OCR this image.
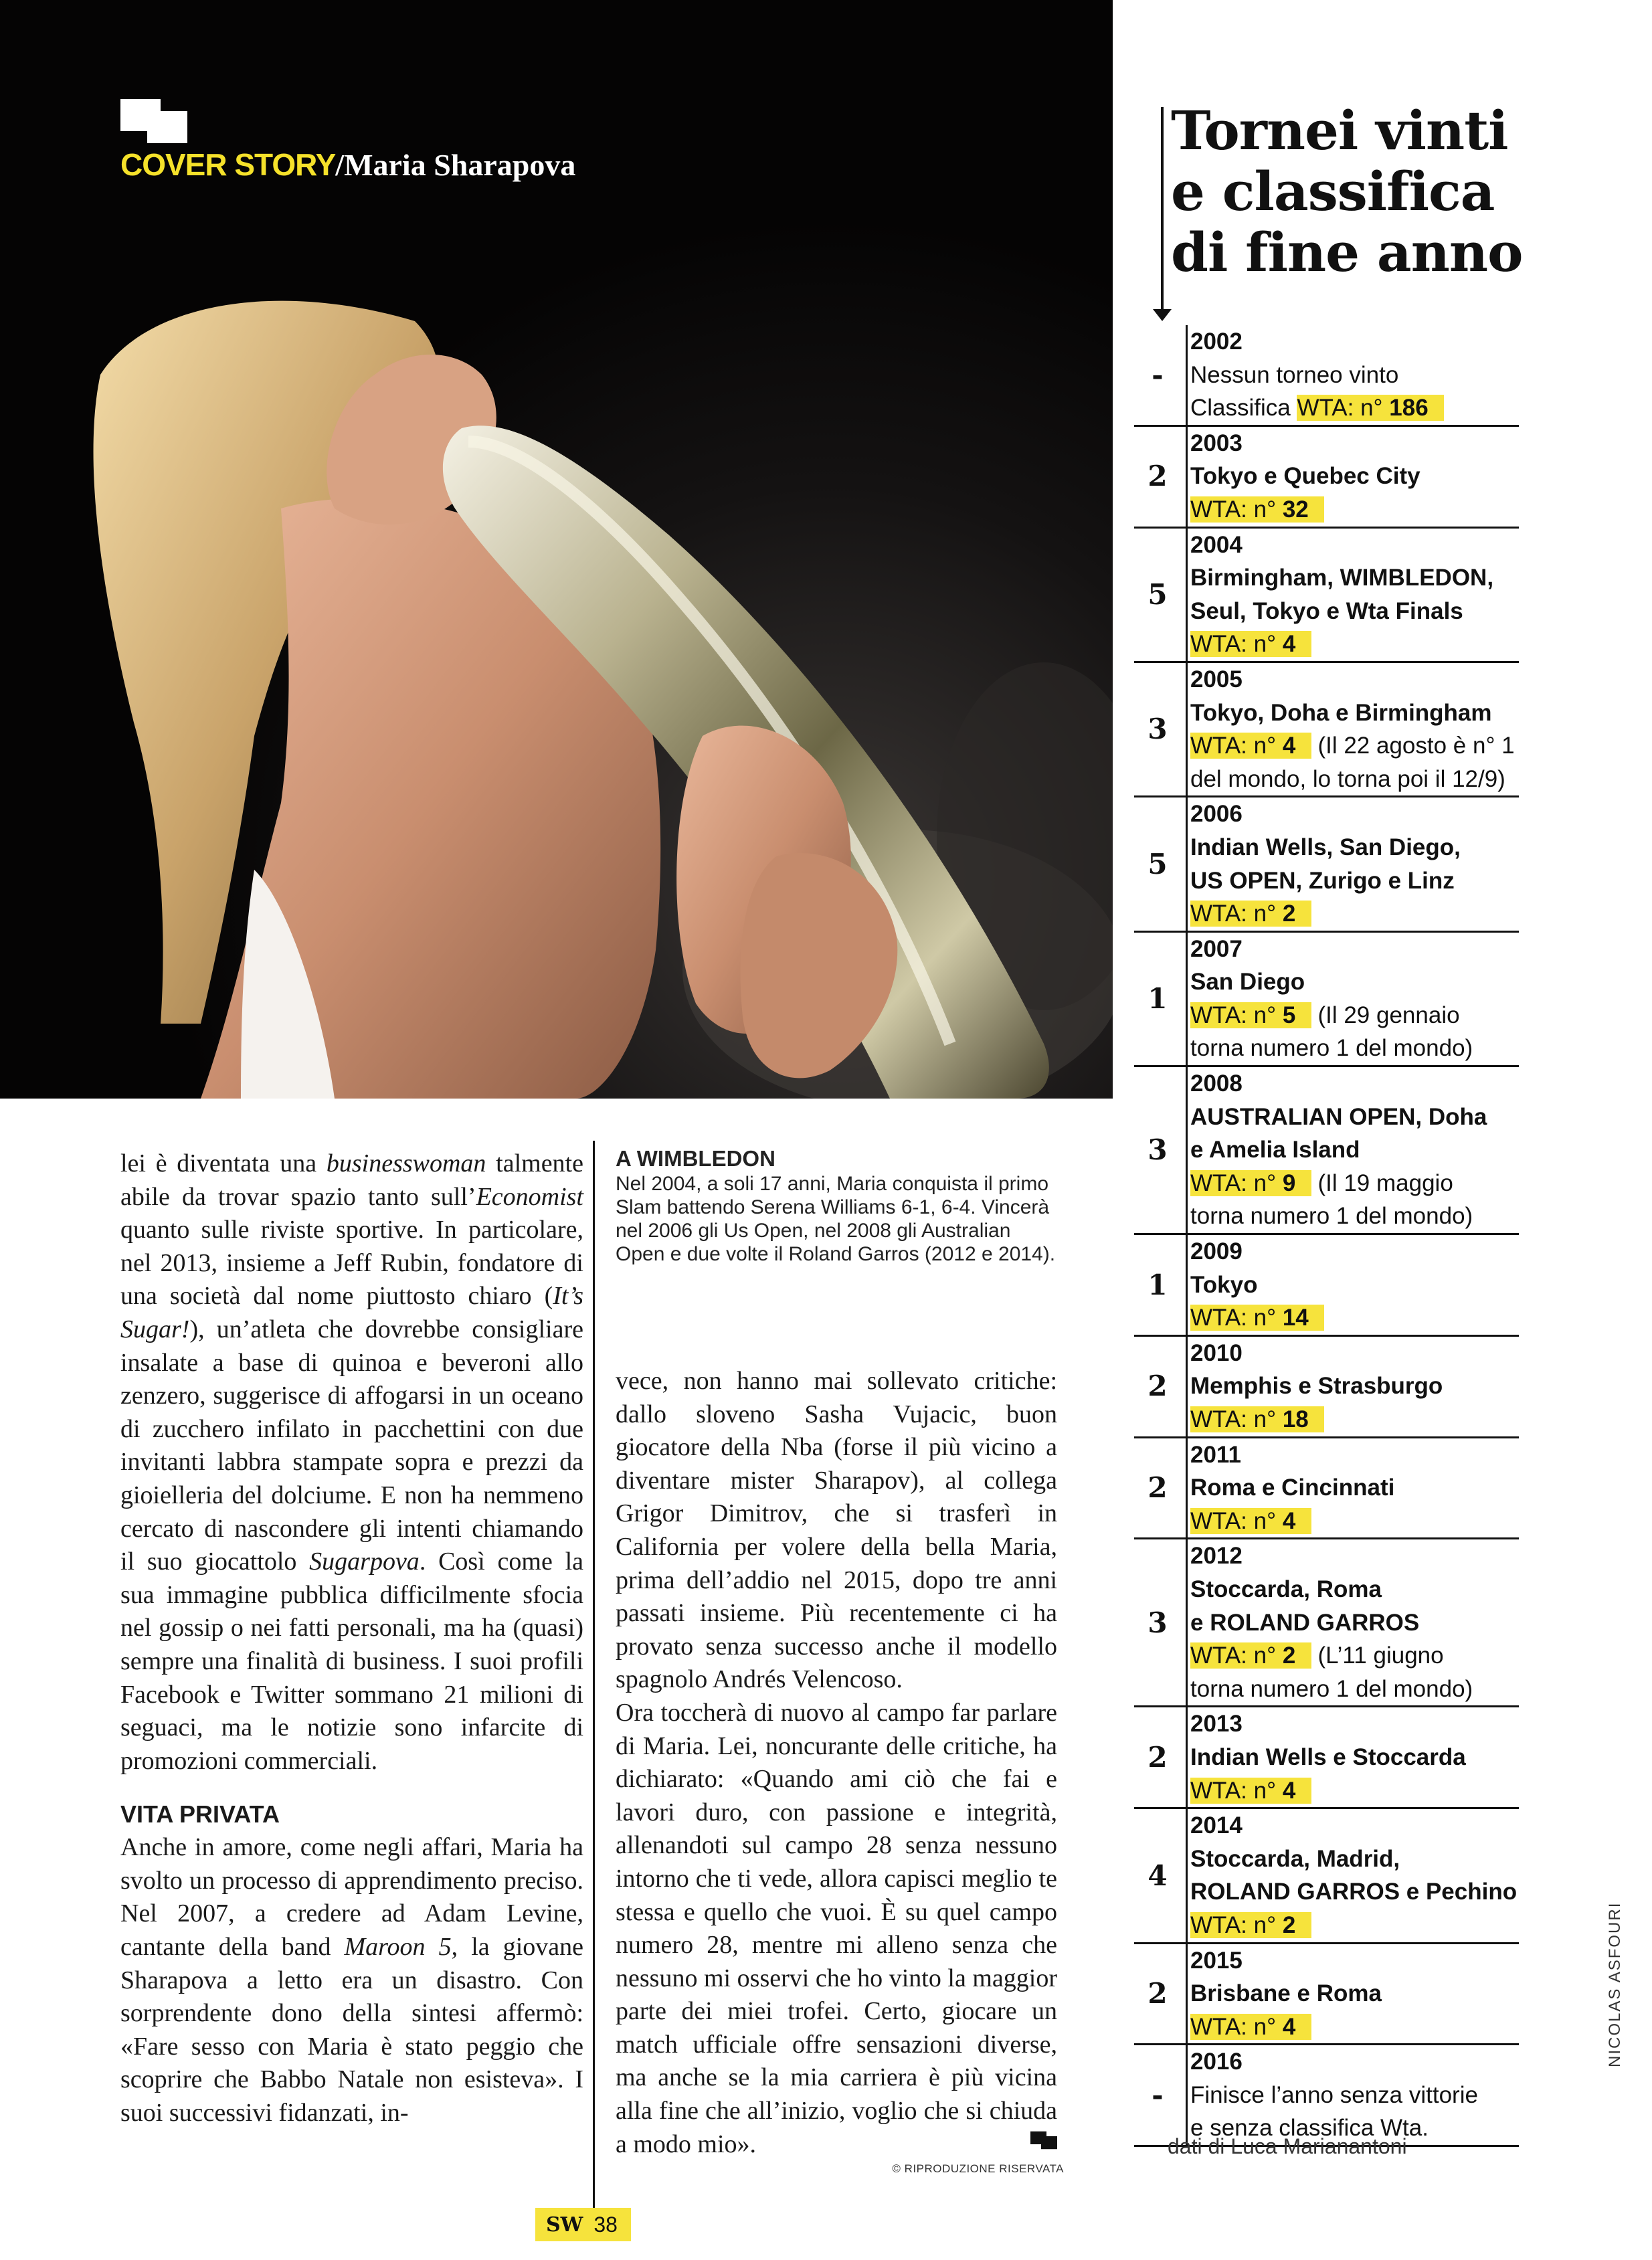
COVER STORY/Maria Sharapova
Tornei vinti
e classifica
di fine anno
-
2002
Nessun torneo vinto
Classifica WTA: n° 186
2
2003
Tokyo e Quebec City
WTA: n° 32
5
2004
Birmingham, WIMBLEDON,
Seul, Tokyo e Wta Finals
WTA: n° 4
3
2005
Tokyo, Doha e Birmingham
WTA: n° 4   (Il 22 agosto è n° 1
del mondo, lo torna poi il 12/9)
5
2006
Indian Wells, San Diego,
US OPEN, Zurigo e Linz
WTA: n° 2
1
2007
San Diego
WTA: n° 5   (Il 29 gennaio
torna numero 1 del mondo)
3
2008
AUSTRALIAN OPEN, Doha
e Amelia Island
WTA: n° 9   (Il 19 maggio
torna numero 1 del mondo)
1
2009
Tokyo
WTA: n° 14
2
2010
Memphis e Strasburgo
WTA: n° 18
2
2011
Roma e Cincinnati
WTA: n° 4
3
2012
Stoccarda, Roma
e ROLAND GARROS
WTA: n° 2   (L’11 giugno
torna numero 1 del mondo)
2
2013
Indian Wells e Stoccarda
WTA: n° 4
4
2014
Stoccarda, Madrid,
ROLAND GARROS e Pechino
WTA: n° 2
2
2015
Brisbane e Roma
WTA: n° 4
-
2016
Finisce l’anno senza vittorie
e senza classifica Wta.
dati di Luca Marianantoni
NICOLAS ASFOURI

lei è diventata una businesswoman talmente abile da trovar spazio tanto sull’Economist quanto sulle riviste sportive. In particolare, nel 2013, insieme a Jeff Rubin, fondatore di una società dal nome piuttosto chiaro (It’s Sugar!), un’atleta che dovrebbe consigliare insalate a base di quinoa e beveroni allo zenzero, suggerisce di affogarsi in un oceano di zucchero infilato in pacchettini con due invitanti labbra stampate sopra e prezzi da gioielleria del dolciume. E non ha nemmeno cercato di nascondere gli intenti chiamando il suo giocattolo Sugarpova. Così come la sua immagine pubblica difficilmente sfocia nel gossip o nei fatti personali, ma ha (quasi) sempre una finalità di business. I suoi profili Facebook e Twitter sommano 21 milioni di seguaci, ma le notizie sono infarcite di promozioni commerciali.

VITA PRIVATA

Anche in amore, come negli affari, Maria ha svolto un processo di apprendimento preciso. Nel 2007, a credere ad Adam Levine, cantante della band Maroon 5, la giovane Sharapova a letto era un disastro. Con sorprendente dono della sintesi affermò: «Fare sesso con Maria è stato peggio che scoprire che Babbo Natale non esisteva». I suoi successivi fidanzati, in-

A WIMBLEDON
Nel 2004, a soli 17 anni, Maria conquista il primo Slam battendo Serena Williams 6-1, 6-4. Vincerà nel 2006 gli Us Open, nel 2008 gli Australian Open e due volte il Roland Garros (2012 e 2014).

vece, non hanno mai sollevato critiche: dallo sloveno Sasha Vujacic, buon giocatore della Nba (forse il più vicino a diventare mister Sharapov), al collega Grigor Dimitrov, che si trasferì in California per volere della bella Maria, prima dell’addio nel 2015, dopo tre anni passati insieme. Più recentemente ci ha provato senza successo anche il modello spagnolo Andrés Velencoso.

Ora toccherà di nuovo al campo far parlare di Maria. Lei, noncurante delle critiche, ha dichiarato: «Quando ami ciò che fai e lavori duro, con passione e integrità, allenandoti sul campo 28 senza nessuno intorno che ti vede, allora capisci meglio te stessa e quello che vuoi. È su quel campo numero 28, mentre mi alleno senza che nessuno mi osservi che ho vinto la maggior parte dei miei trofei. Certo, giocare un match ufficiale offre sensazioni diverse, ma anche se la mia carriera è più vicina alla fine che all’inizio, voglio che si chiuda a modo mio».

© RIPRODUZIONE RISERVATA
SW 38
